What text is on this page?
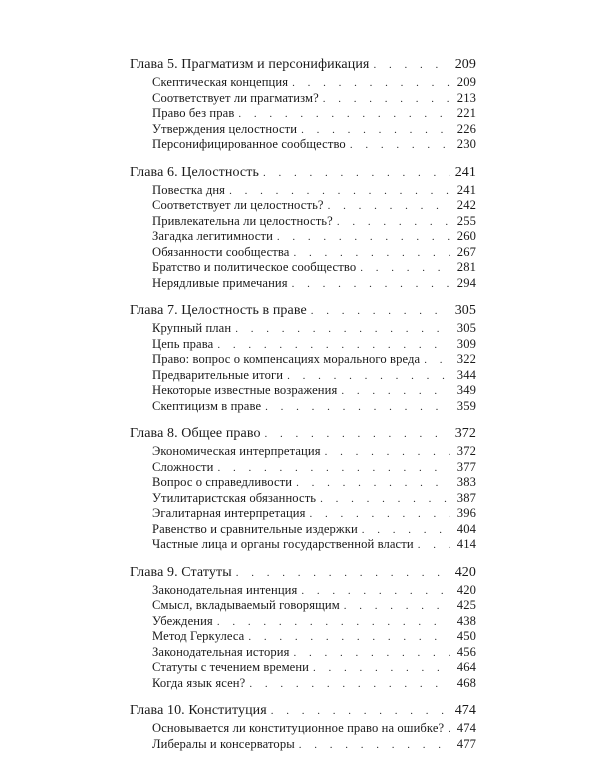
Глава 5. Прагматизм и персонификация . . .	209
Скептическая концепция . . .	209
Соответствует ли прагматизм? . . .	213
Право без прав . . .	221
Утверждения целостности . . .	226
Персонифицированное сообщество . . .	230
Глава 6. Целостность . . .	241
Повестка дня . . .	241
Соответствует ли целостность? . . .	242
Привлекательна ли целостность? . . .	255
Загадка легитимности . . .	260
Обязанности сообщества . . .	267
Братство и политическое сообщество . . .	281
Нерядливые примечания . . .	294
Глава 7. Целостность в праве . . .	305
Крупный план . . .	305
Цепь права . . .	309
Право: вопрос о компенсациях морального вреда . . .	322
Предварительные итоги . . .	344
Некоторые известные возражения . . .	349
Скептицизм в праве . . .	359
Глава 8. Общее право . . .	372
Экономическая интерпретация . . .	372
Сложности . . .	377
Вопрос о справедливости . . .	383
Утилитаристская обязанность . . .	387
Эгалитарная интерпретация . . .	396
Равенство и сравнительные издержки . . .	404
Частные лица и органы государственной власти . . .	414
Глава 9. Статуты . . .	420
Законодательная интенция . . .	420
Смысл, вкладываемый говорящим . . .	425
Убеждения . . .	438
Метод Геркулеса . . .	450
Законодательная история . . .	456
Статуты с течением времени . . .	464
Когда язык ясен? . . .	468
Глава 10. Конституция . . .	474
Основывается ли конституционное право на ошибке? . . . 474
Либералы и консерваторы . . .	477
